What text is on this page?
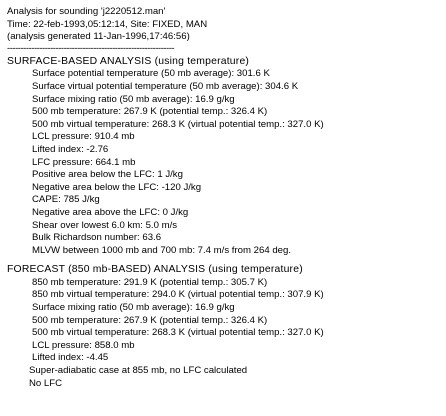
Analysis for sounding 'j2220512.man'
Time: 22-feb-1993,05:12:14, Site: FIXED, MAN
(analysis generated 11-Jan-1996,17:46:56)
--------------------------------------------------------------
SURFACE-BASED ANALYSIS (using temperature)
Surface potential temperature (50 mb average): 301.6 K
Surface virtual potential temperature (50 mb average): 304.6 K
Surface mixing ratio (50 mb average): 16.9 g/kg
500 mb temperature: 267.9 K (potential temp.: 326.4 K)
500 mb virtual temperature: 268.3 K (virtual potential temp.: 327.0 K)
LCL pressure: 910.4 mb
Lifted index: -2.76
LFC pressure: 664.1 mb
Positive area below the LFC: 1 J/kg
Negative area below the LFC: -120 J/kg
CAPE: 785 J/kg
Negative area above the LFC: 0 J/kg
Shear over lowest 6.0 km: 5.0 m/s
Bulk Richardson number: 63.6
MLVW between 1000 mb and 700 mb: 7.4 m/s from 264 deg.
FORECAST (850 mb-BASED) ANALYSIS (using temperature)
850 mb temperature: 291.9 K (potential temp.: 305.7 K)
850 mb virtual temperature: 294.0 K (virtual potential temp.: 307.9 K)
Surface mixing ratio (50 mb average): 16.9 g/kg
500 mb temperature: 267.9 K (potential temp.: 326.4 K)
500 mb virtual temperature: 268.3 K (virtual potential temp.: 327.0 K)
LCL pressure: 858.0 mb
Lifted index: -4.45
Super-adiabatic case at 855 mb, no LFC calculated
No LFC
